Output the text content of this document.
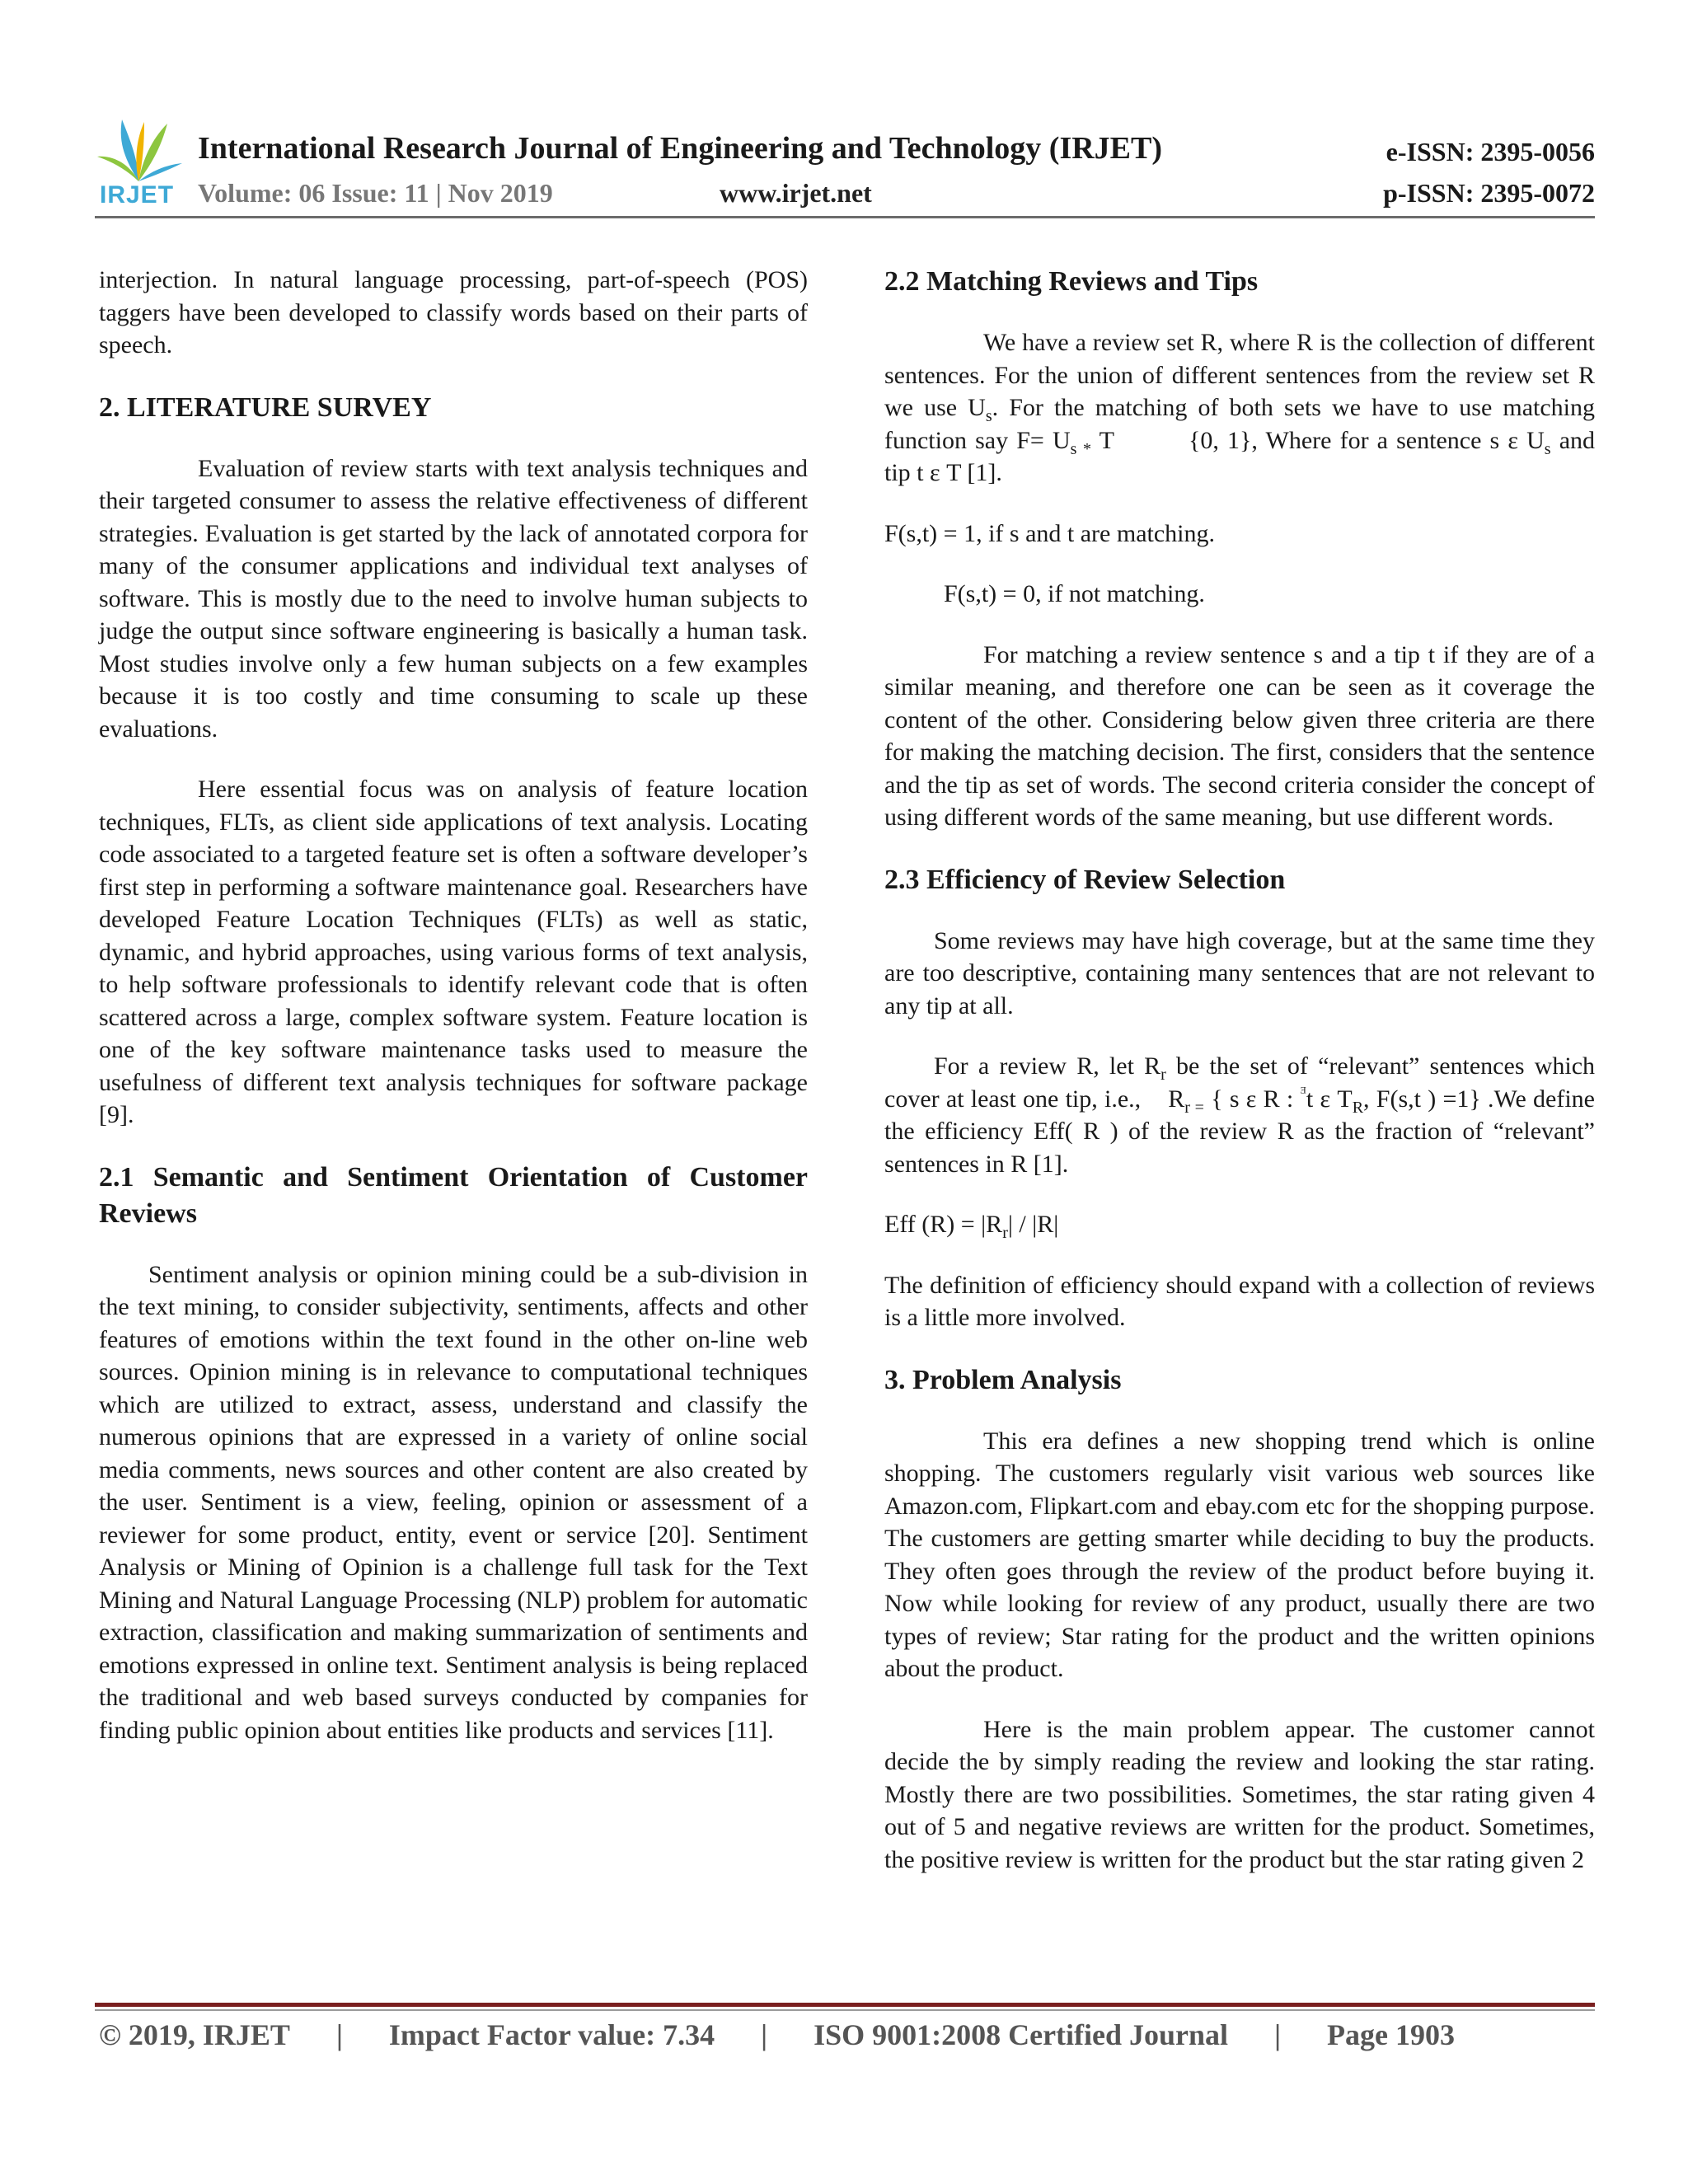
IRJET
International Research Journal of Engineering and Technology (IRJET)
Volume: 06 Issue: 11 | Nov 2019	www.irjet.net
e-ISSN: 2395-0056
p-ISSN: 2395-0072

interjection. In natural language processing, part-of-speech (POS) taggers have been developed to classify words based on their parts of speech.

2. LITERATURE SURVEY

Evaluation of review starts with text analysis techniques and their targeted consumer to assess the relative effectiveness of different strategies. Evaluation is get started by the lack of annotated corpora for many of the consumer applications and individual text analyses of software. This is mostly due to the need to involve human subjects to judge the output since software engineering is basically a human task. Most studies involve only a few human subjects on a few examples because it is too costly and time consuming to scale up these evaluations.

Here essential focus was on analysis of feature location techniques, FLTs, as client side applications of text analysis. Locating code associated to a targeted feature set is often a software developer’s first step in performing a software maintenance goal. Researchers have developed Feature Location Techniques (FLTs) as well as static, dynamic, and hybrid approaches, using various forms of text analysis, to help software professionals to identify relevant code that is often scattered across a large, complex software system. Feature location is one of the key software maintenance tasks used to measure the usefulness of different text analysis techniques for software package [9].

2.1 Semantic and Sentiment Orientation of Customer Reviews

Sentiment analysis or opinion mining could be a sub-division in the text mining, to consider subjectivity, sentiments, affects and other features of emotions within the text found in the other on-line web sources. Opinion mining is in relevance to computational techniques which are utilized to extract, assess, understand and classify the numerous opinions that are expressed in a variety of online social media comments, news sources and other content are also created by the user. Sentiment is a view, feeling, opinion or assessment of a reviewer for some product, entity, event or service [20]. Sentiment Analysis or Mining of Opinion is a challenge full task for the Text Mining and Natural Language Processing (NLP) problem for automatic extraction, classification and making summarization of sentiments and emotions expressed in online text. Sentiment analysis is being replaced the traditional and web based surveys conducted by companies for finding public opinion about entities like products and services [11].

2.2 Matching Reviews and Tips

We have a review set R, where R is the collection of different sentences. For the union of different sentences from the review set R we use $U_s$. For the matching of both sets we have to use matching function say $F= U_{s *}$ T	{0, 1}, Where for a sentence s ε $U_s$ and tip t ε T [1].

F(s,t) = 1, if s and t are matching.
F(s,t) = 0, if not matching.

For matching a review sentence s and a tip t if they are of a similar meaning, and therefore one can be seen as it coverage the content of the other. Considering below given three criteria are there for making the matching decision. The first, considers that the sentence and the tip as set of words. The second criteria consider the concept of using different words of the same meaning, but use different words.

2.3 Efficiency of Review Selection

Some reviews may have high coverage, but at the same time they are too descriptive, containing many sentences that are not relevant to any tip at all.

For a review R, let $R_r$ be the set of “relevant” sentences which cover at least one tip, i.e., $R_{r =}$ { s ε R : $^ᴲ$t ε $T_R$, F(s,t ) =1} .We define the efficiency Eff( R ) of the review R as the fraction of “relevant” sentences in R [1].

Eff $(R) = |R_r| / |R|$

The definition of efficiency should expand with a collection of reviews is a little more involved.

3. Problem Analysis

This era defines a new shopping trend which is online shopping. The customers regularly visit various web sources like Amazon.com, Flipkart.com and ebay.com etc for the shopping purpose. The customers are getting smarter while deciding to buy the products. They often goes through the review of the product before buying it. Now while looking for review of any product, usually there are two types of review; Star rating for the product and the written opinions about the product.

Here is the main problem appear. The customer cannot decide the by simply reading the review and looking the star rating. Mostly there are two possibilities. Sometimes, the star rating given 4 out of 5 and negative reviews are written for the product. Sometimes, the positive review is written for the product but the star rating given 2

© 2019, IRJET | Impact Factor value: 7.34 | ISO 9001:2008 Certified Journal | Page 1903
